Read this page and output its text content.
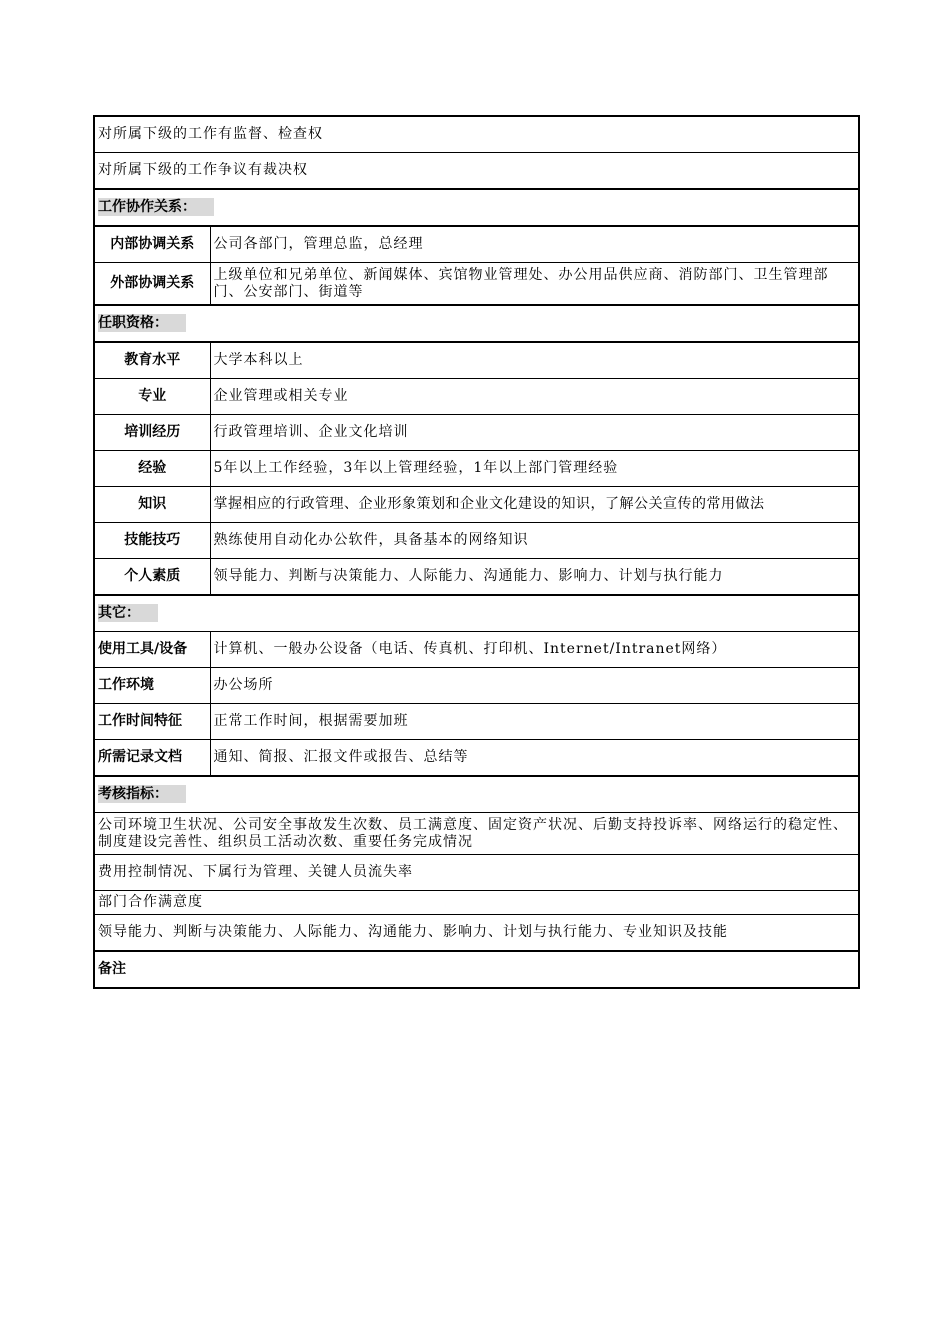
对所属下级的工作有监督、检查权	
对所属下级的工作争议有裁决权	
工作协作关系：	
内部协调关系	公司各部门，管理总监，总经理
外部协调关系	上级单位和兄弟单位、新闻媒体、宾馆物业管理处、办公用品供应商、消防部门、卫生管理部门、公安部门、街道等
任职资格：	
教育水平	大学本科以上
专业	企业管理或相关专业
培训经历	行政管理培训、企业文化培训
经验	5年以上工作经验，3年以上管理经验，1年以上部门管理经验
知识	掌握相应的行政管理、企业形象策划和企业文化建设的知识，了解公关宣传的常用做法
技能技巧	熟练使用自动化办公软件，具备基本的网络知识
个人素质	领导能力、判断与决策能力、人际能力、沟通能力、影响力、计划与执行能力
其它：	
使用工具/设备	计算机、一般办公设备（电话、传真机、打印机、Internet/Intranet网络）
工作环境	办公场所
工作时间特征	正常工作时间，根据需要加班
所需记录文档	通知、简报、汇报文件或报告、总结等
考核指标：	
公司环境卫生状况、公司安全事故发生次数、员工满意度、固定资产状况、后勤支持投诉率、网络运行的稳定性、制度建设完善性、组织员工活动次数、重要任务完成情况	
费用控制情况、下属行为管理、关键人员流失率	
部门合作满意度	
领导能力、判断与决策能力、人际能力、沟通能力、影响力、计划与执行能力、专业知识及技能	
备注	
